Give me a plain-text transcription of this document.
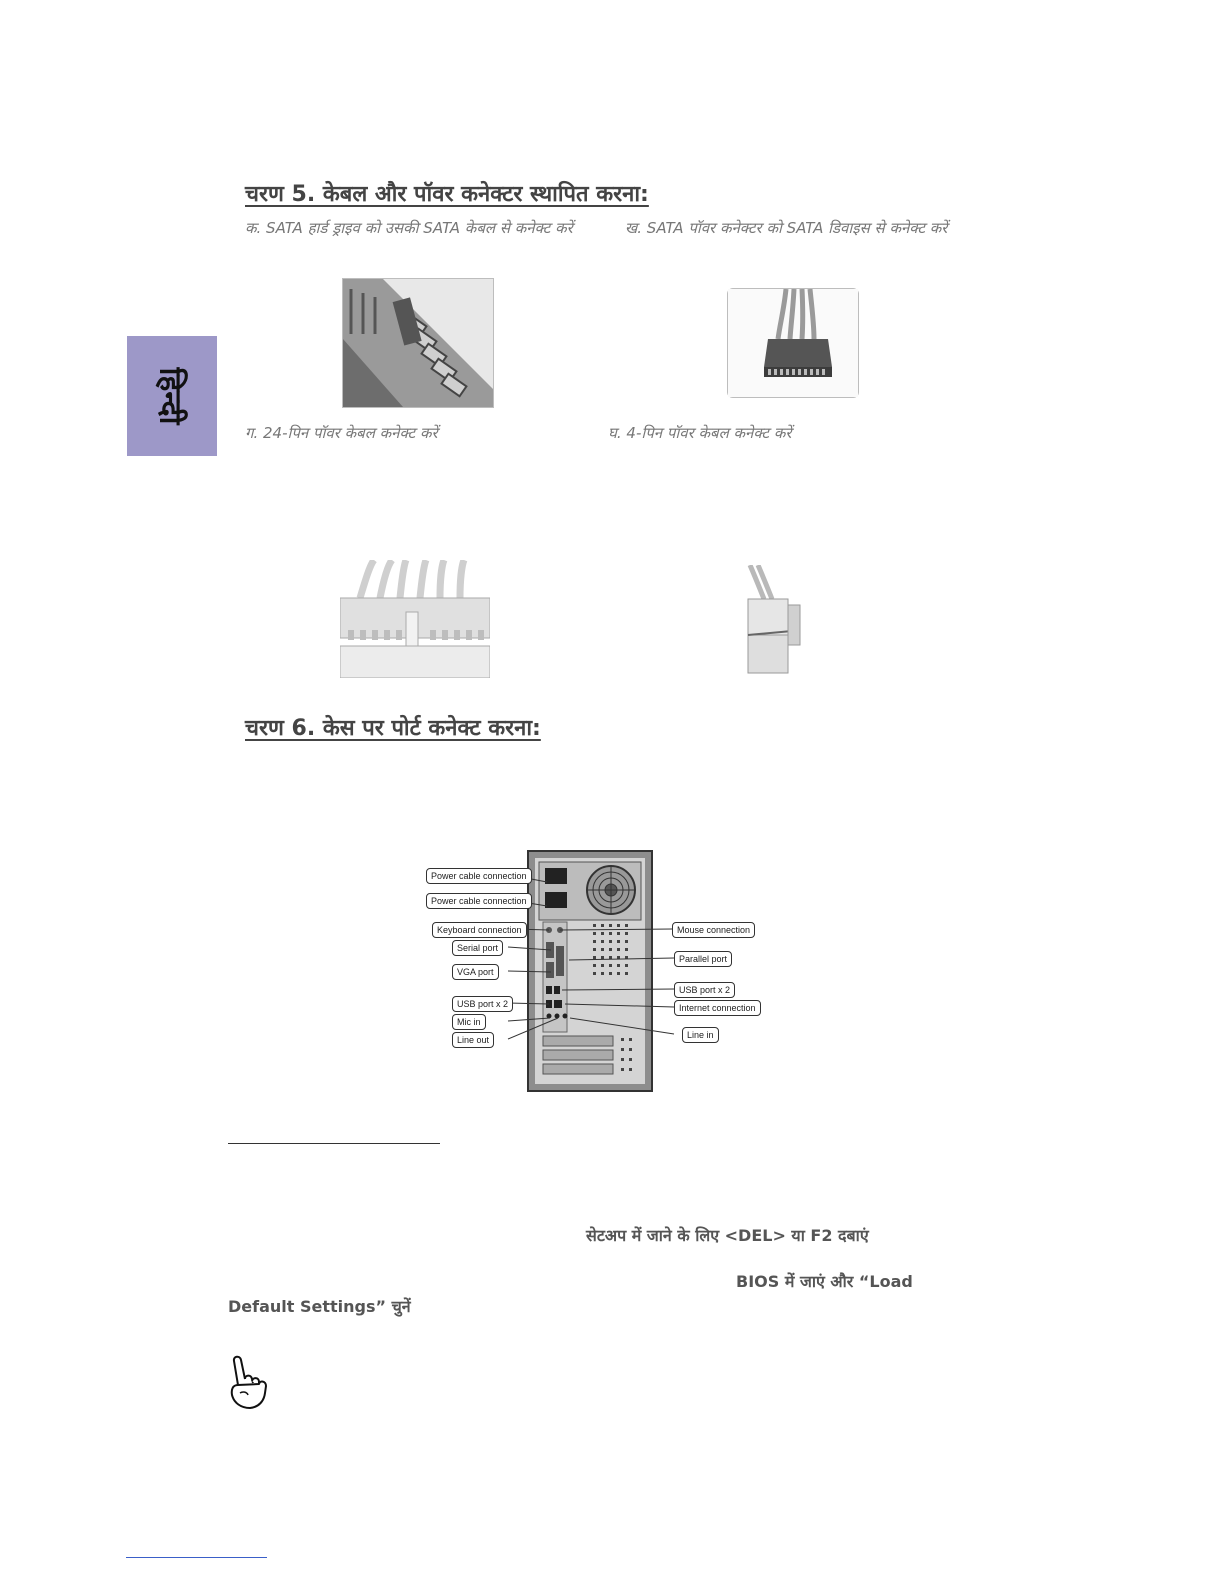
हिन्दी
चरण 5. केबल और पॉवर कनेक्टर स्थापित करना:
क. SATA हार्ड ड्राइव को उसकी SATA केबल से कनेक्ट करें	ख. SATA पॉवर कनेक्टर को SATA डिवाइस से कनेक्ट करें
ग. 24-पिन पॉवर केबल कनेक्ट करें	घ. 4-पिन पॉवर केबल कनेक्ट करें
चरण 6. केस पर पोर्ट कनेक्ट करना:
Power cable connection
Power cable connection
Keyboard connection
Serial port
VGA port
USB port x 2
Mic in
Line out
Mouse connection
Parallel port
USB port x 2
Internet connection
Line in
सेटअप में जाने के लिए <DEL> या F2 दबाएं
BIOS में जाएं और “Load
Default Settings” चुनें
